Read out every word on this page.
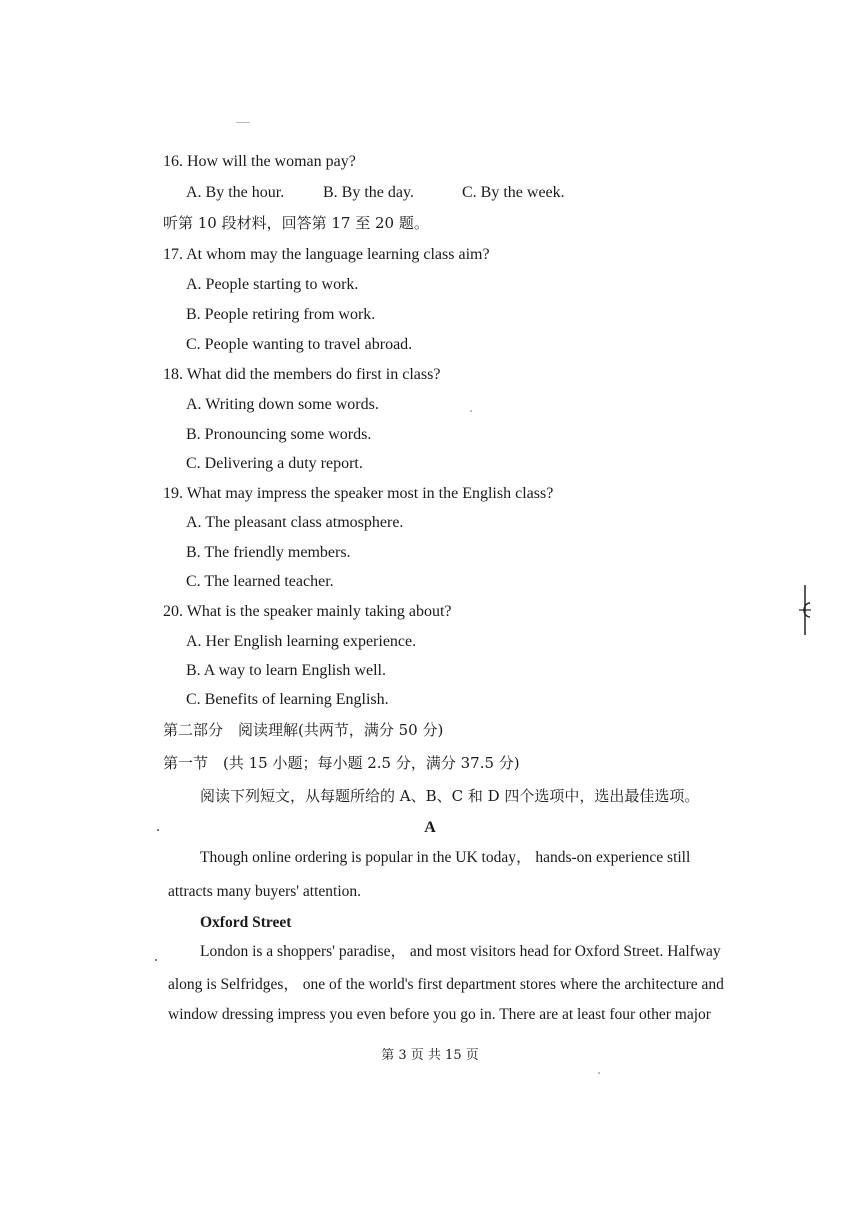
16. How will the woman pay?
A. By the hour. B. By the day.	C. By the week.
听第 10 段材料，回答第 17 至 20 题。
17. At whom may the language learning class aim?
A. People starting to work.
B. People retiring from work.
C. People wanting to travel abroad.
18. What did the members do first in class?
A. Writing down some words.
B. Pronouncing some words.
C. Delivering a duty report.
19. What may impress the speaker most in the English class?
A. The pleasant class atmosphere.
B. The friendly members.
C. The learned teacher.
20. What is the speaker mainly taking about?
A. Her English learning experience.
B. A way to learn English well.
C. Benefits of learning English.
第二部分　阅读理解(共两节，满分 50 分)
第一节　(共 15 小题；每小题 2.5 分，满分 37.5 分)
阅读下列短文，从每题所给的 A、B、C 和 D 四个选项中，选出最佳选项。
A
Though online ordering is popular in the UK today， hands-on experience still
attracts many buyers' attention.
Oxford Street
London is a shoppers' paradise， and most visitors head for Oxford Street. Halfway
along is Selfridges， one of the world's first department stores where the architecture and
window dressing impress you even before you go in. There are at least four other major
第 3 页 共 15 页
